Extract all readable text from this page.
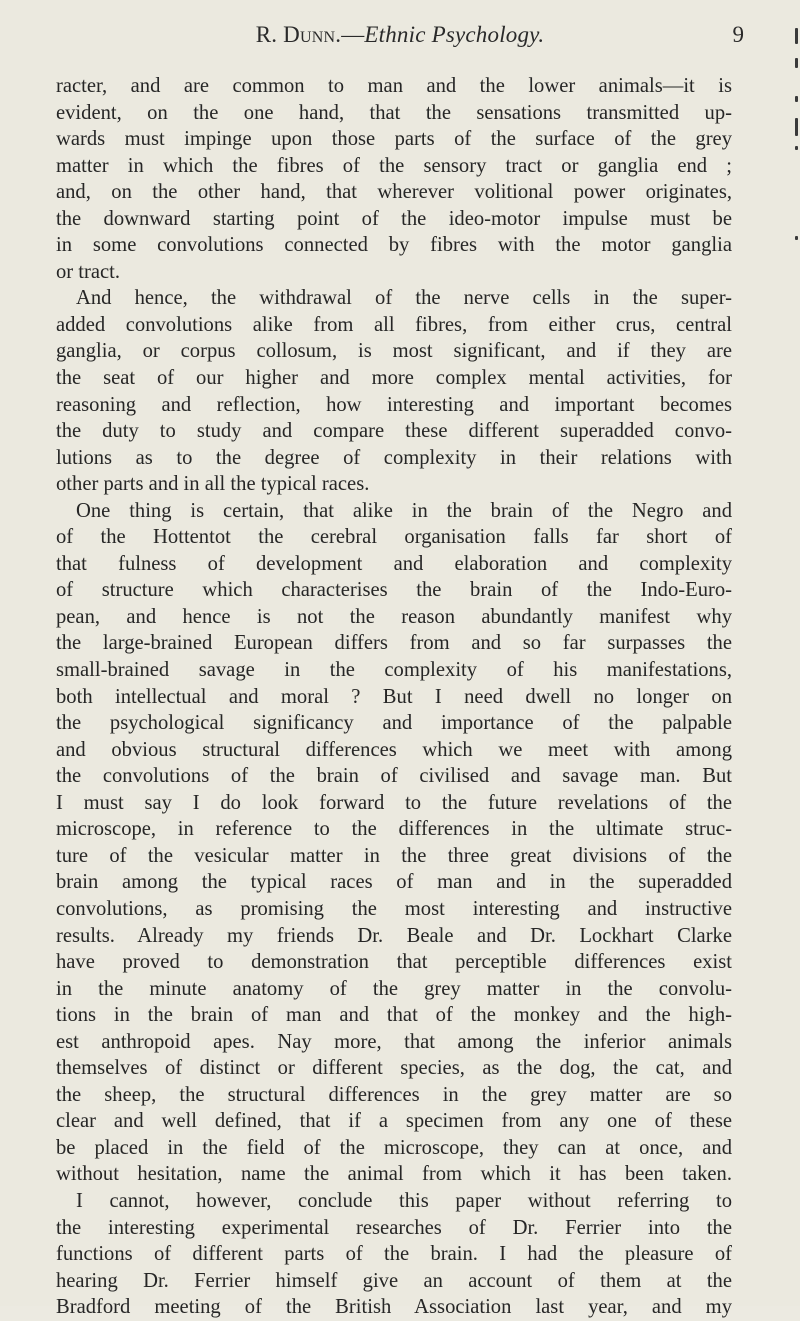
R. Dunn.—Ethnic Psychology.	9
racter, and are common to man and the lower animals—it is
evident, on the one hand, that the sensations transmitted up-
wards must impinge upon those parts of the surface of the grey
matter in which the fibres of the sensory tract or ganglia end ;
and, on the other hand, that wherever volitional power originates,
the downward starting point of the ideo-motor impulse must be
in some convolutions connected by fibres with the motor ganglia
or tract.
And hence, the withdrawal of the nerve cells in the super-
added convolutions alike from all fibres, from either crus, central
ganglia, or corpus collosum, is most significant, and if they are
the seat of our higher and more complex mental activities, for
reasoning and reflection, how interesting and important becomes
the duty to study and compare these different superadded convo-
lutions as to the degree of complexity in their relations with
other parts and in all the typical races.
One thing is certain, that alike in the brain of the Negro and
of the Hottentot the cerebral organisation falls far short of
that fulness of development and elaboration and complexity
of structure which characterises the brain of the Indo-Euro-
pean, and hence is not the reason abundantly manifest why
the large-brained European differs from and so far surpasses the
small-brained savage in the complexity of his manifestations,
both intellectual and moral ? But I need dwell no longer on
the psychological significancy and importance of the palpable
and obvious structural differences which we meet with among
the convolutions of the brain of civilised and savage man. But
I must say I do look forward to the future revelations of the
microscope, in reference to the differences in the ultimate struc-
ture of the vesicular matter in the three great divisions of the
brain among the typical races of man and in the superadded
convolutions, as promising the most interesting and instructive
results. Already my friends Dr. Beale and Dr. Lockhart Clarke
have proved to demonstration that perceptible differences exist
in the minute anatomy of the grey matter in the convolu-
tions in the brain of man and that of the monkey and the high-
est anthropoid apes. Nay more, that among the inferior animals
themselves of distinct or different species, as the dog, the cat, and
the sheep, the structural differences in the grey matter are so
clear and well defined, that if a specimen from any one of these
be placed in the field of the microscope, they can at once, and
without hesitation, name the animal from which it has been taken.
I cannot, however, conclude this paper without referring to
the interesting experimental researches of Dr. Ferrier into the
functions of different parts of the brain. I had the pleasure of
hearing Dr. Ferrier himself give an account of them at the
Bradford meeting of the British Association last year, and my
